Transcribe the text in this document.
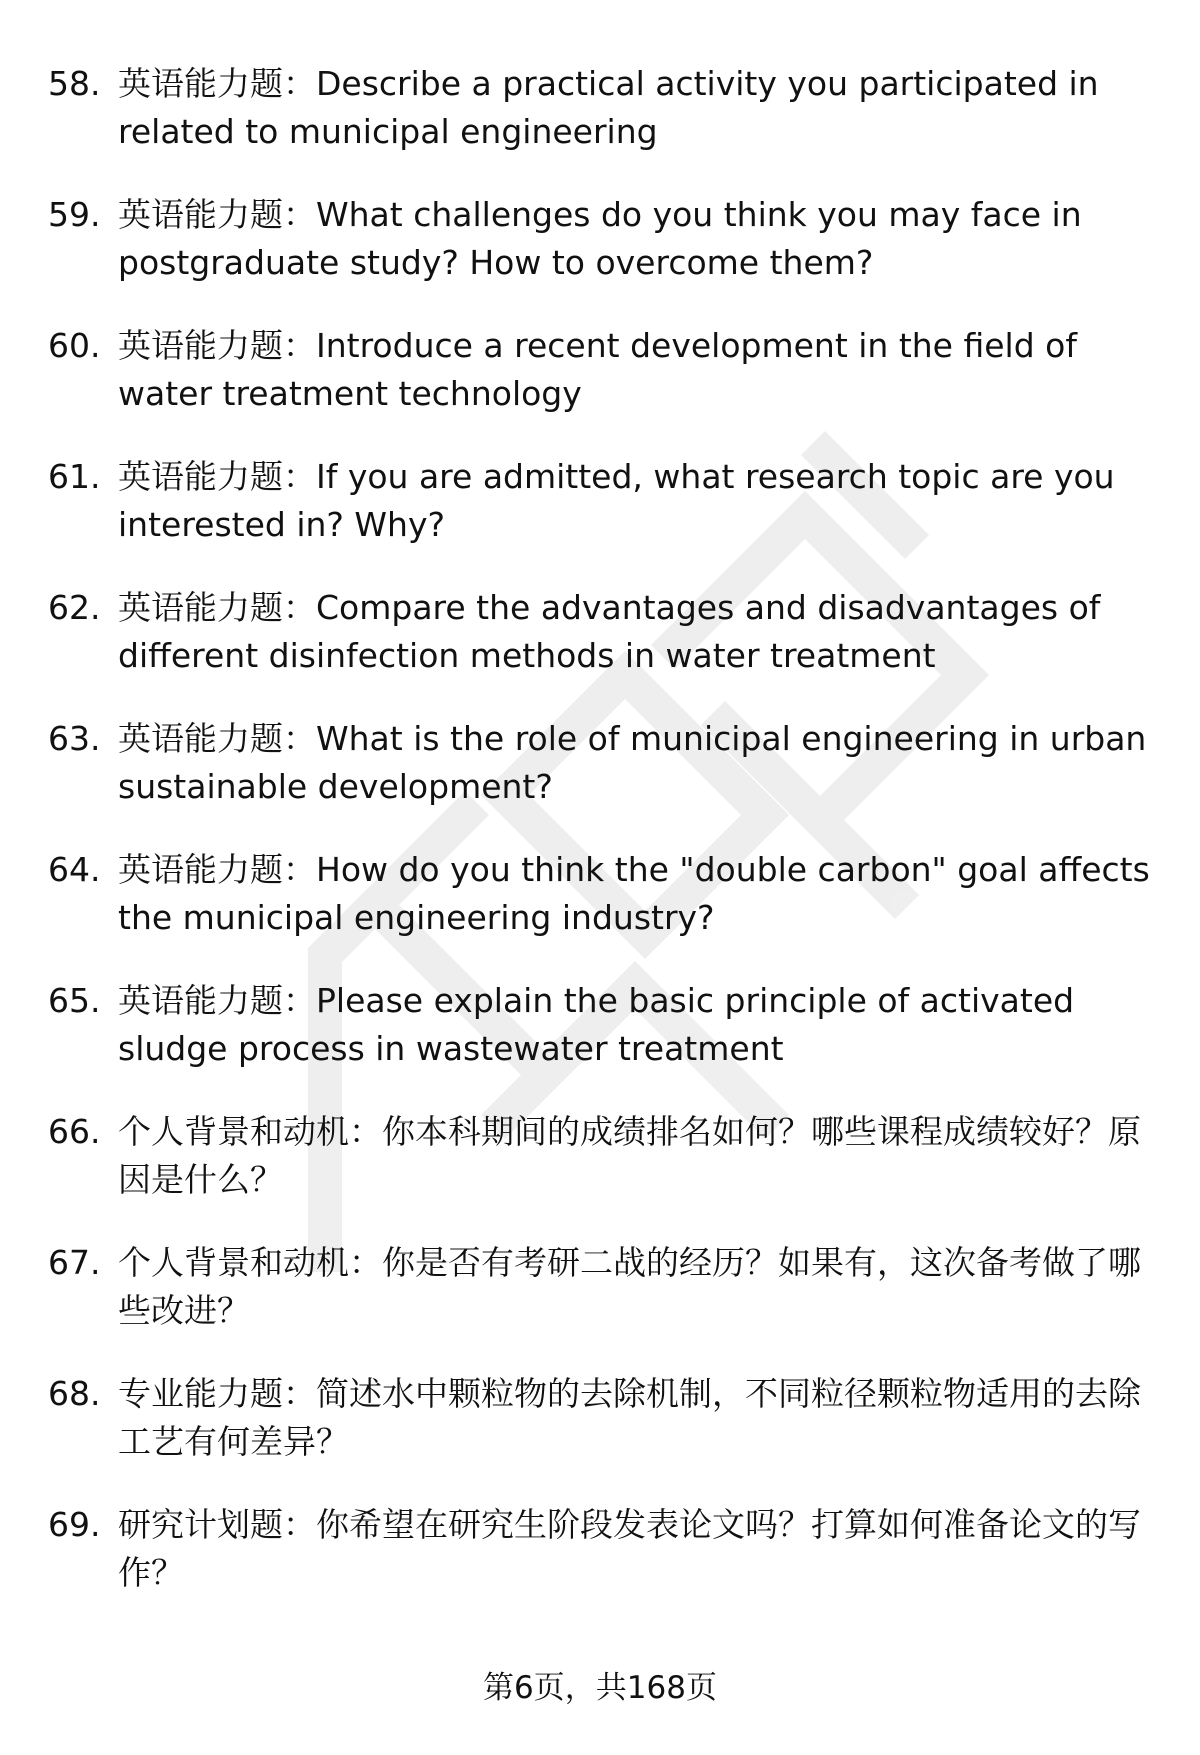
58. 英语能力题：Describe a practical activity you participated in related to municipal engineering
59. 英语能力题：What challenges do you think you may face in postgraduate study? How to overcome them?
60. 英语能力题：Introduce a recent development in the field of water treatment technology
61. 英语能力题：If you are admitted, what research topic are you interested in? Why?
62. 英语能力题：Compare the advantages and disadvantages of different disinfection methods in water treatment
63. 英语能力题：What is the role of municipal engineering in urban sustainable development?
64. 英语能力题：How do you think the "double carbon" goal affects the municipal engineering industry?
65. 英语能力题：Please explain the basic principle of activated sludge process in wastewater treatment
66. 个人背景和动机：你本科期间的成绩排名如何？哪些课程成绩较好？原因是什么？
67. 个人背景和动机：你是否有考研二战的经历？如果有，这次备考做了哪些改进？
68. 专业能力题：简述水中颗粒物的去除机制，不同粒径颗粒物适用的去除工艺有何差异？
69. 研究计划题：你希望在研究生阶段发表论文吗？打算如何准备论文的写作？
第6页，共168页
